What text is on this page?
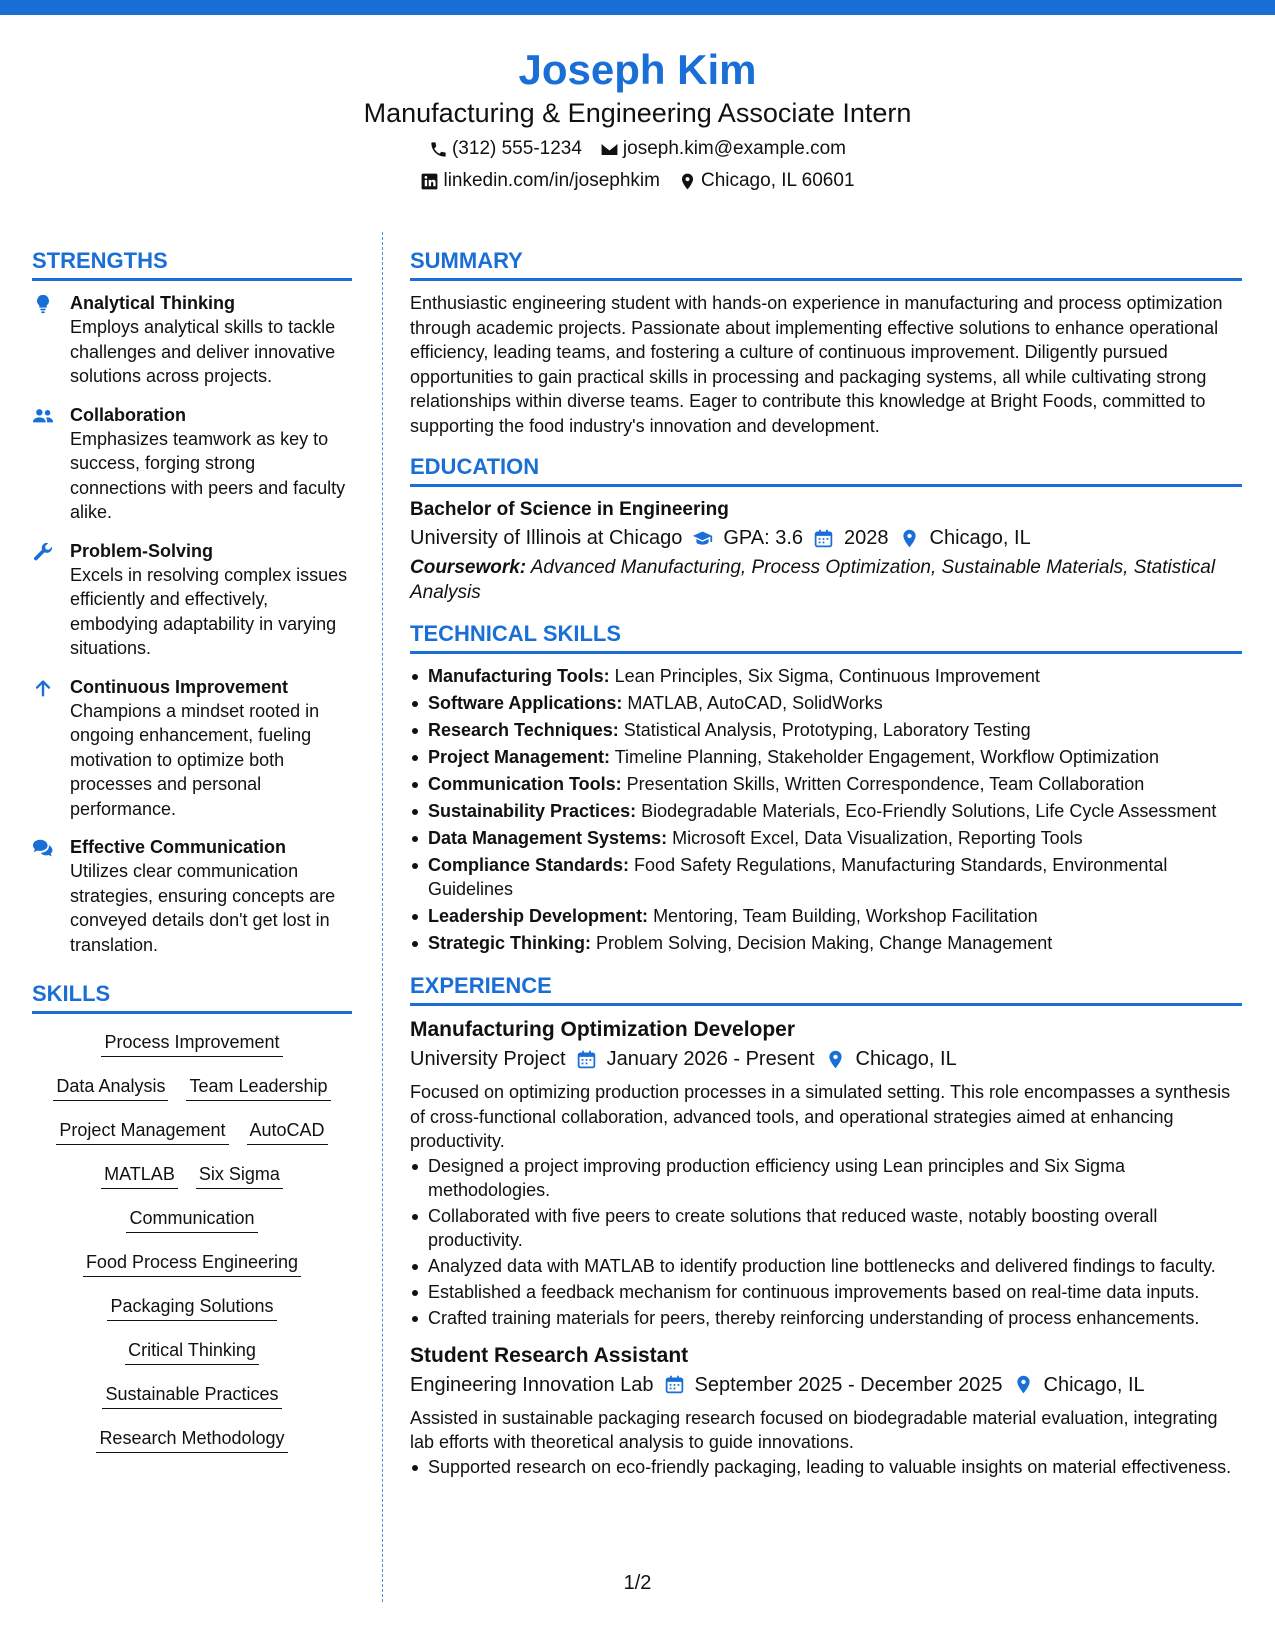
Joseph Kim
Manufacturing & Engineering Associate Intern
(312) 555-1234 joseph.kim@example.com
linkedin.com/in/josephkim Chicago, IL 60601
STRENGTHS
Analytical Thinking
Employs analytical skills to tackle challenges and deliver innovative solutions across projects.
Collaboration
Emphasizes teamwork as key to success, forging strong connections with peers and faculty alike.
Problem-Solving
Excels in resolving complex issues efficiently and effectively, embodying adaptability in varying situations.
Continuous Improvement
Champions a mindset rooted in ongoing enhancement, fueling motivation to optimize both processes and personal performance.
Effective Communication
Utilizes clear communication strategies, ensuring concepts are conveyed details don't get lost in translation.
SKILLS
Process Improvement
Data Analysis Team Leadership
Project Management AutoCAD
MATLAB Six Sigma
Communication
Food Process Engineering
Packaging Solutions
Critical Thinking
Sustainable Practices
Research Methodology
SUMMARY
Enthusiastic engineering student with hands-on experience in manufacturing and process optimization through academic projects. Passionate about implementing effective solutions to enhance operational efficiency, leading teams, and fostering a culture of continuous improvement. Diligently pursued opportunities to gain practical skills in processing and packaging systems, all while cultivating strong relationships within diverse teams. Eager to contribute this knowledge at Bright Foods, committed to supporting the food industry's innovation and development.
EDUCATION
Bachelor of Science in Engineering
University of Illinois at Chicago GPA: 3.6 2028 Chicago, IL
Coursework: Advanced Manufacturing, Process Optimization, Sustainable Materials, Statistical Analysis
TECHNICAL SKILLS
Manufacturing Tools: Lean Principles, Six Sigma, Continuous Improvement
Software Applications: MATLAB, AutoCAD, SolidWorks
Research Techniques: Statistical Analysis, Prototyping, Laboratory Testing
Project Management: Timeline Planning, Stakeholder Engagement, Workflow Optimization
Communication Tools: Presentation Skills, Written Correspondence, Team Collaboration
Sustainability Practices: Biodegradable Materials, Eco-Friendly Solutions, Life Cycle Assessment
Data Management Systems: Microsoft Excel, Data Visualization, Reporting Tools
Compliance Standards: Food Safety Regulations, Manufacturing Standards, Environmental Guidelines
Leadership Development: Mentoring, Team Building, Workshop Facilitation
Strategic Thinking: Problem Solving, Decision Making, Change Management
EXPERIENCE
Manufacturing Optimization Developer
University Project January 2026 - Present Chicago, IL
Focused on optimizing production processes in a simulated setting. This role encompasses a synthesis of cross-functional collaboration, advanced tools, and operational strategies aimed at enhancing productivity.
Designed a project improving production efficiency using Lean principles and Six Sigma methodologies.
Collaborated with five peers to create solutions that reduced waste, notably boosting overall productivity.
Analyzed data with MATLAB to identify production line bottlenecks and delivered findings to faculty.
Established a feedback mechanism for continuous improvements based on real-time data inputs.
Crafted training materials for peers, thereby reinforcing understanding of process enhancements.
Student Research Assistant
Engineering Innovation Lab September 2025 - December 2025 Chicago, IL
Assisted in sustainable packaging research focused on biodegradable material evaluation, integrating lab efforts with theoretical analysis to guide innovations.
Supported research on eco-friendly packaging, leading to valuable insights on material effectiveness.
1/2
